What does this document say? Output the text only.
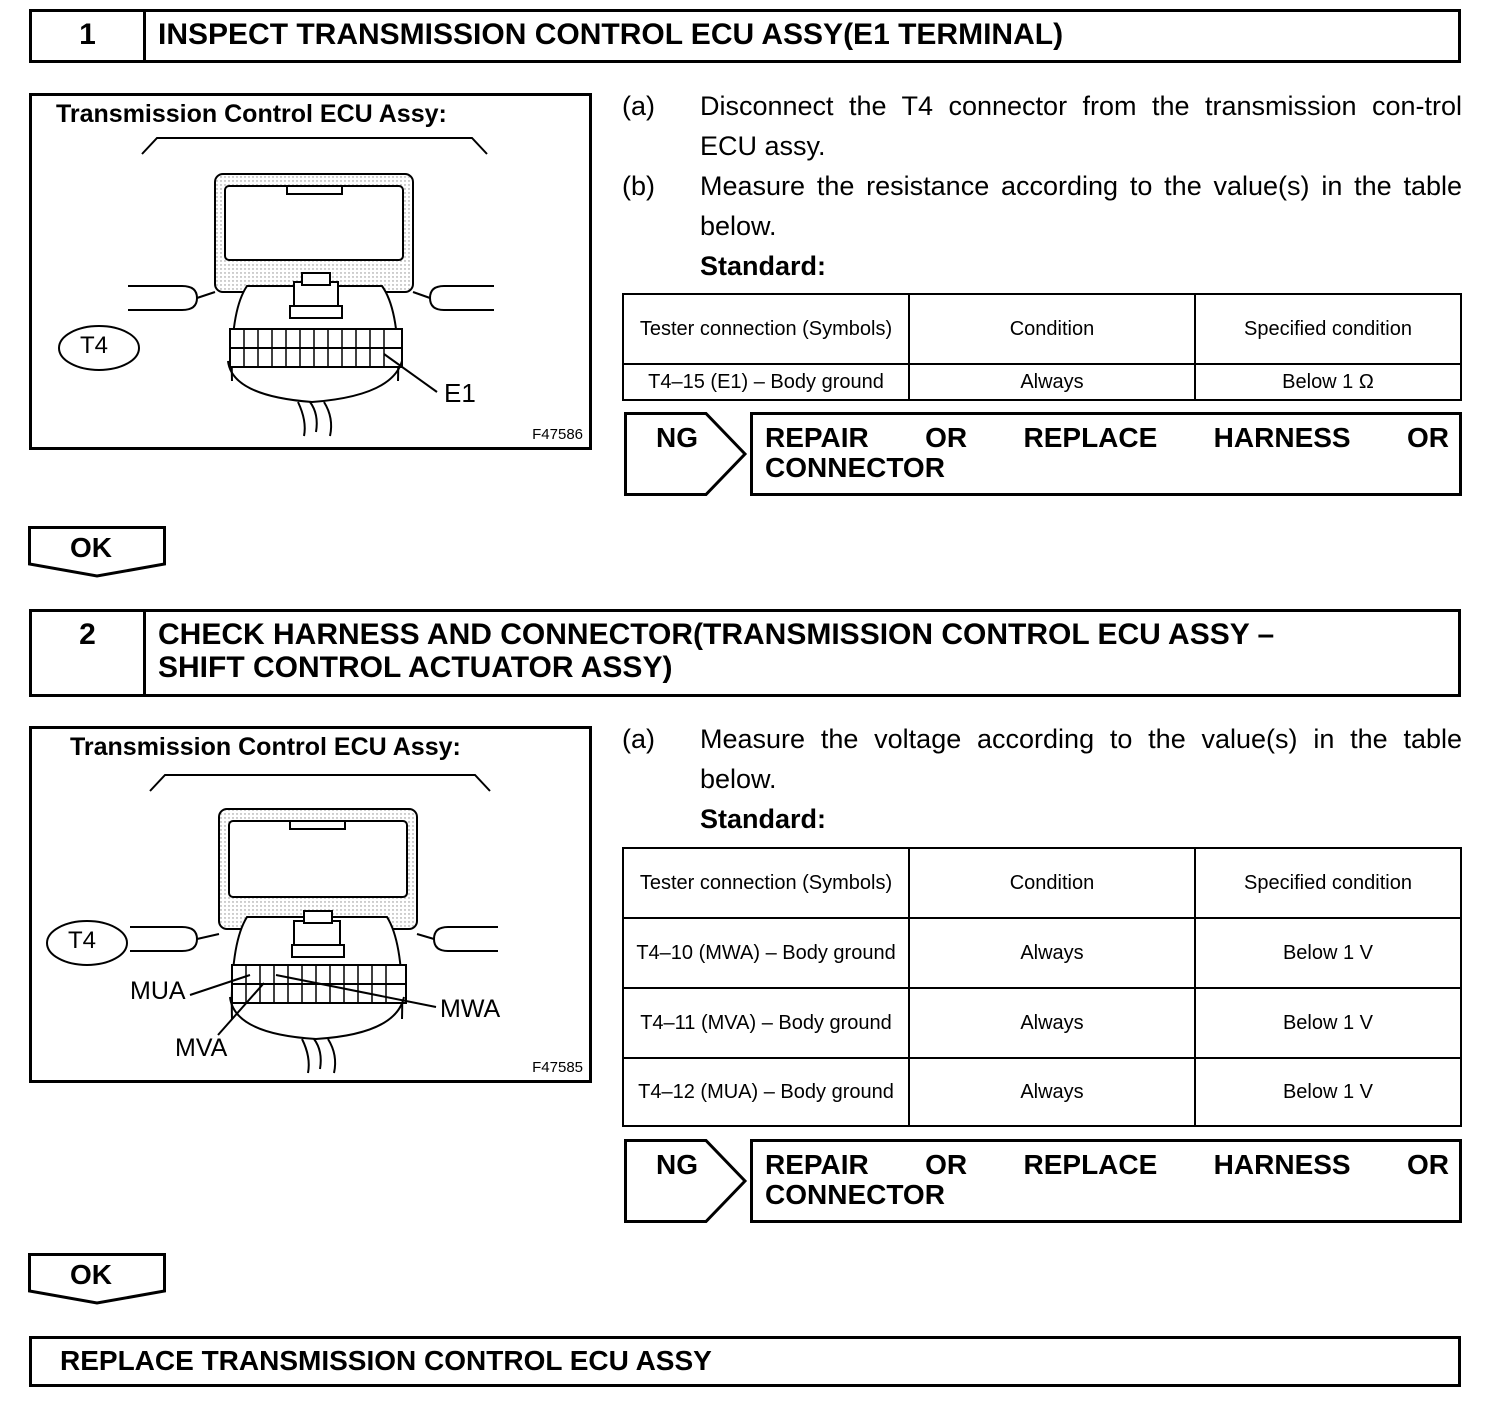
1	INSPECT TRANSMISSION CONTROL ECU ASSY(E1 TERMINAL)
Transmission Control ECU Assy:
T4
E1
F47586
(a)	Disconnect the T4 connector from the transmission con-trol ECU assy.
(b)	Measure the resistance according to the value(s) in the table below.
Standard:
Tester connection (Symbols)	Condition	Specified condition
T4–15 (E1) – Body ground	Always	Below 1 Ω
NG REPAIR OR REPLACE HARNESS OR
CONNECTOR
OK
2	CHECK HARNESS AND CONNECTOR(TRANSMISSION CONTROL ECU ASSY –
SHIFT CONTROL ACTUATOR ASSY)
Transmission Control ECU Assy:
T4
MUA
MVA
MWA
F47585
(a)	Measure the voltage according to the value(s) in the table below.
Standard:
Tester connection (Symbols)	Condition	Specified condition
T4–10 (MWA) – Body ground	Always	Below 1 V
T4–11 (MVA) – Body ground	Always	Below 1 V
T4–12 (MUA) – Body ground	Always	Below 1 V
NG REPAIR OR REPLACE HARNESS OR
CONNECTOR
OK
REPLACE TRANSMISSION CONTROL ECU ASSY
